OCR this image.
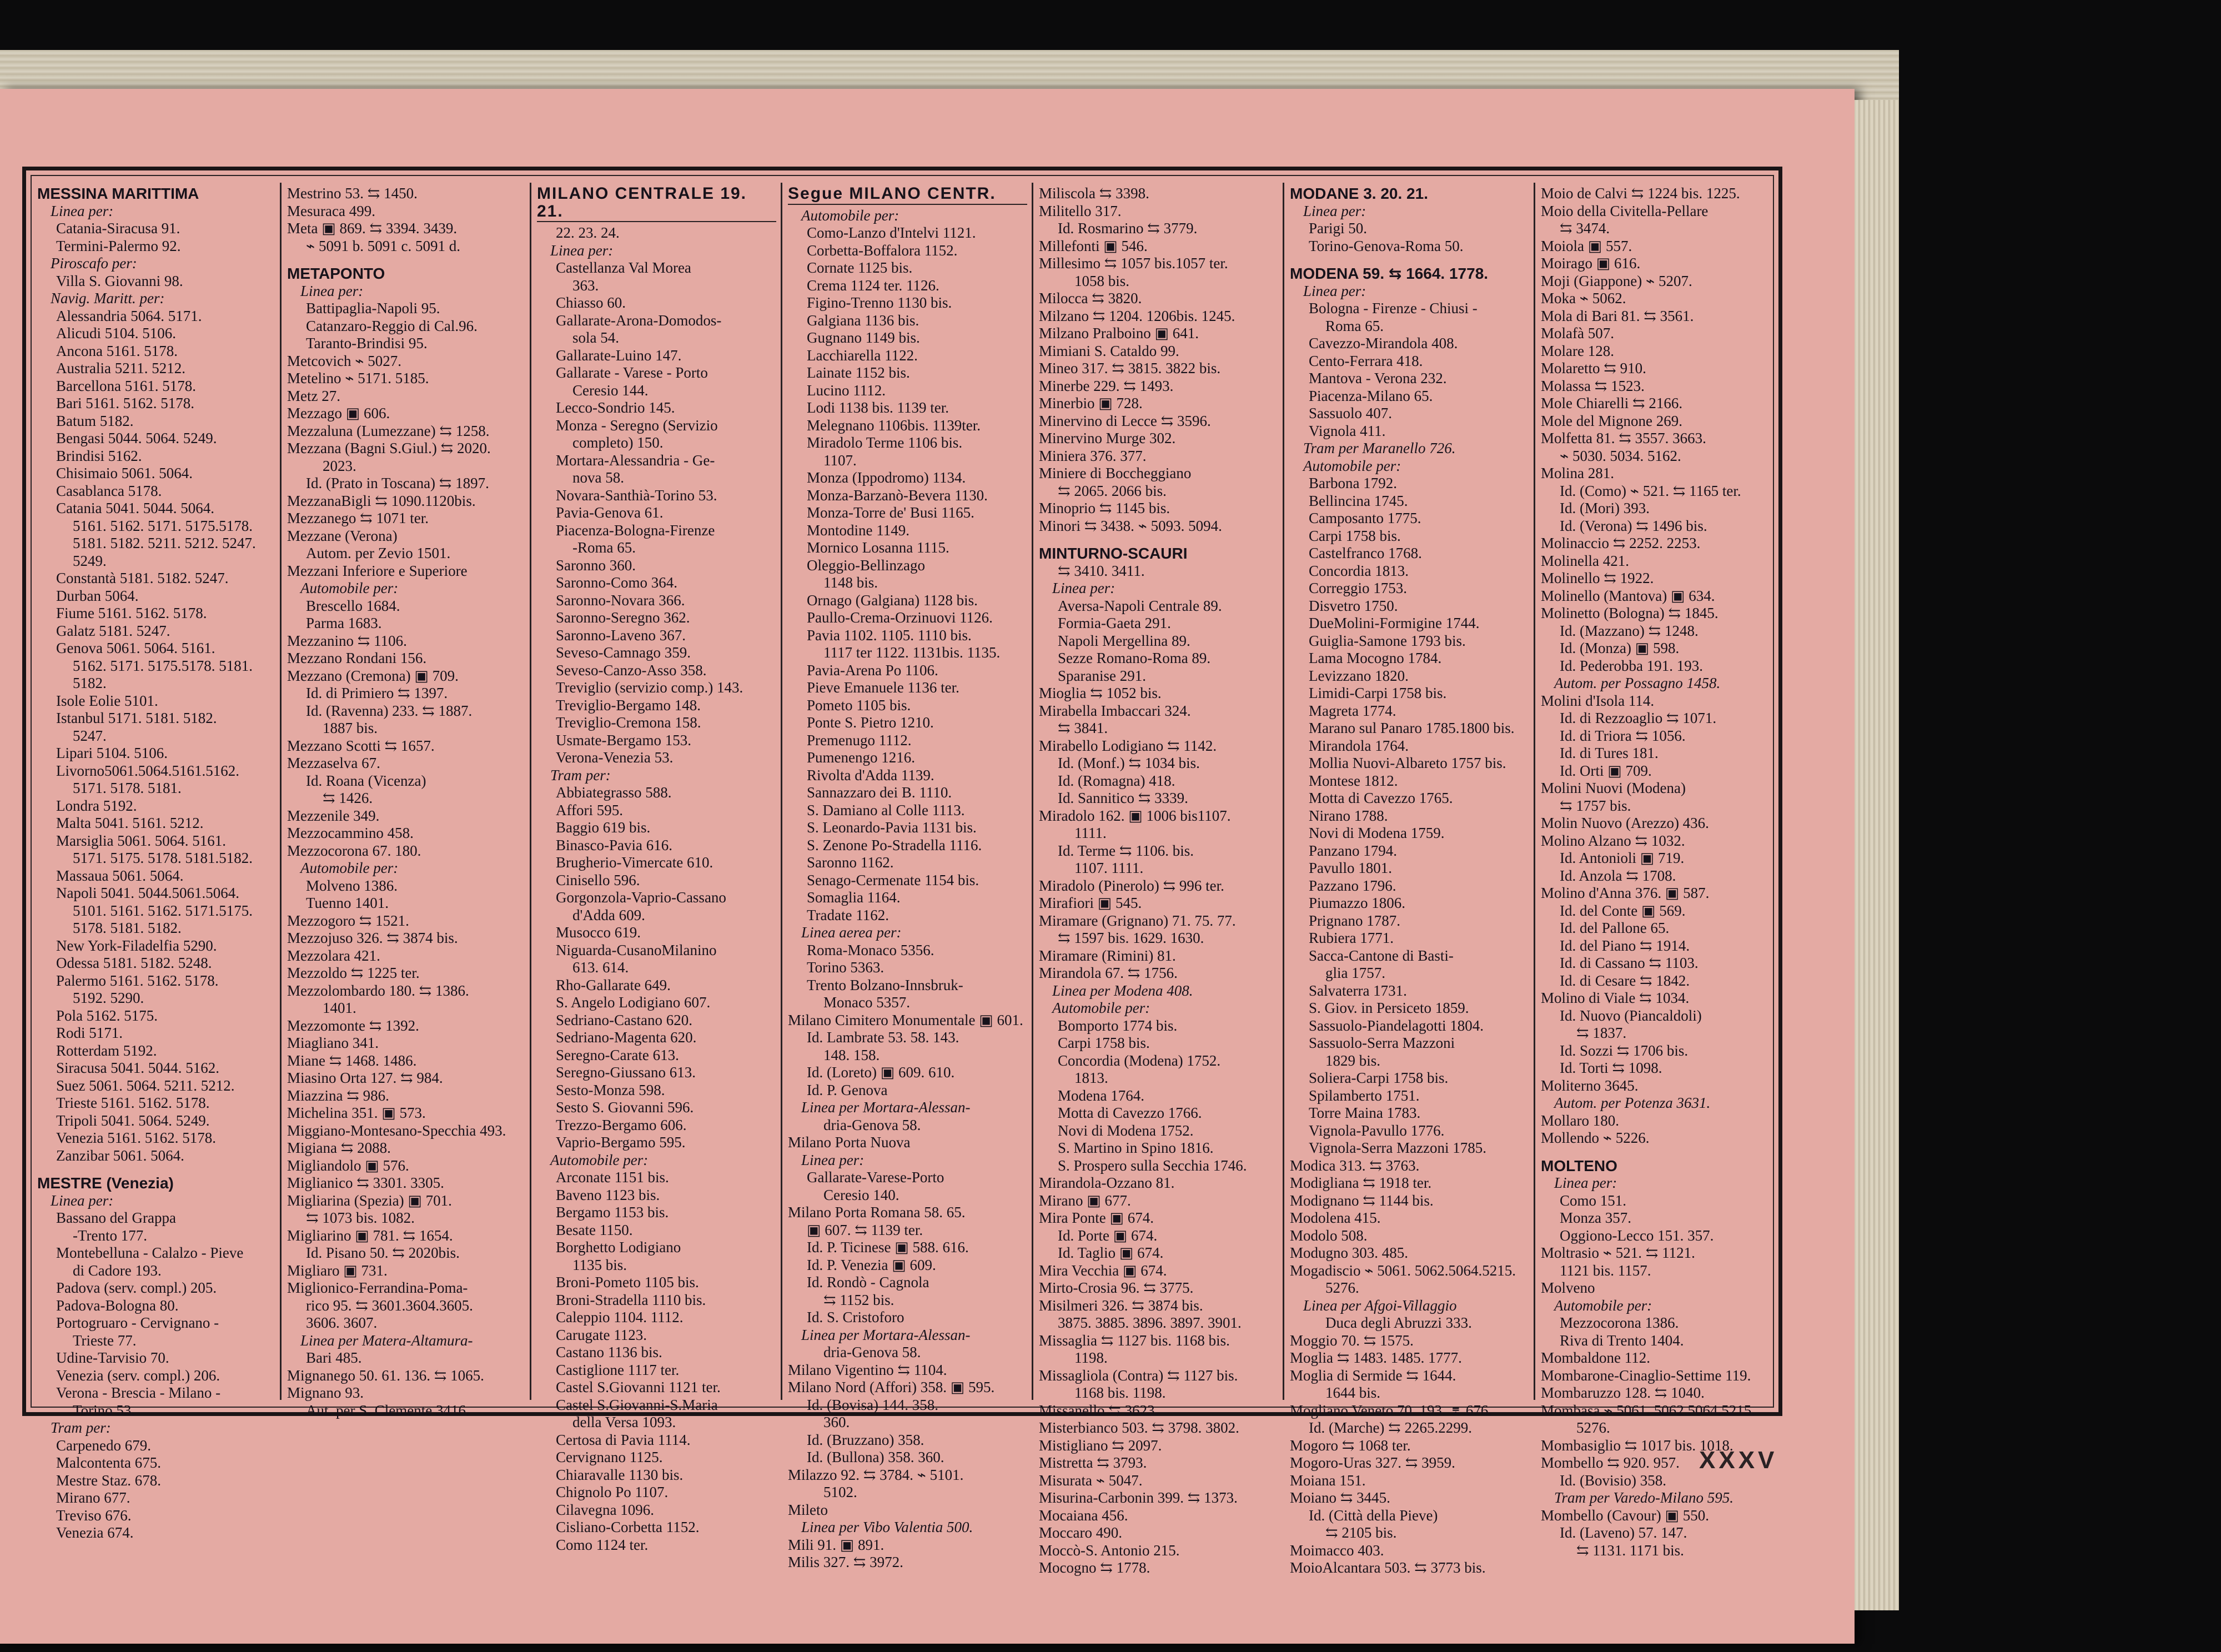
MESSINA MARITTIMA
Linea per:
Catania-Siracusa 91.
Termini-Palermo 92.
Piroscafo per:
Villa S. Giovanni 98.
Navig. Maritt. per:
Alessandria 5064. 5171.
Alicudi 5104. 5106.
Ancona 5161. 5178.
Australia 5211. 5212.
Barcellona 5161. 5178.
Bari 5161. 5162. 5178.
Batum 5182.
Bengasi 5044. 5064. 5249.
Brindisi 5162.
Chisimaio 5061. 5064.
Casablanca 5178.
Catania 5041. 5044. 5064.
5161. 5162. 5171. 5175.5178.
5181. 5182. 5211. 5212. 5247.
5249.
Constantà 5181. 5182. 5247.
Durban 5064.
Fiume 5161. 5162. 5178.
Galatz 5181. 5247.
Genova 5061. 5064. 5161.
5162. 5171. 5175.5178. 5181.
5182.
Isole Eolie 5101.
Istanbul 5171. 5181. 5182.
5247.
Lipari 5104. 5106.
Livorno5061.5064.5161.5162.
5171. 5178. 5181.
Londra 5192.
Malta 5041. 5161. 5212.
Marsiglia 5061. 5064. 5161.
5171. 5175. 5178. 5181.5182.
Massaua 5061. 5064.
Napoli 5041. 5044.5061.5064.
5101. 5161. 5162. 5171.5175.
5178. 5181. 5182.
New York-Filadelfia 5290.
Odessa 5181. 5182. 5248.
Palermo 5161. 5162. 5178.
5192. 5290.
Pola 5162. 5175.
Rodi 5171.
Rotterdam 5192.
Siracusa 5041. 5044. 5162.
Suez 5061. 5064. 5211. 5212.
Trieste 5161. 5162. 5178.
Tripoli 5041. 5064. 5249.
Venezia 5161. 5162. 5178.
Zanzibar 5061. 5064.
MESTRE (Venezia)
Linea per:
Bassano del Grappa
-Trento 177.
Montebelluna - Calalzo - Pieve
di Cadore 193.
Padova (serv. compl.) 205.
Padova-Bologna 80.
Portogruaro - Cervignano -
Trieste 77.
Udine-Tarvisio 70.
Venezia (serv. compl.) 206.
Verona - Brescia - Milano -
Torino 53.
Tram per:
Carpenedo 679.
Malcontenta 675.
Mestre Staz. 678.
Mirano 677.
Treviso 676.
Venezia 674.
Mestrino 53. ⇆ 1450.
Mesuraca 499.
Meta ▣ 869. ⇆ 3394. 3439.
⌁ 5091 b. 5091 c. 5091 d.
METAPONTO
Linea per:
Battipaglia-Napoli 95.
Catanzaro-Reggio di Cal.96.
Taranto-Brindisi 95.
Metcovich ⌁ 5027.
Metelino ⌁ 5171. 5185.
Metz 27.
Mezzago ▣ 606.
Mezzaluna (Lumezzane) ⇆ 1258.
Mezzana (Bagni S.Giul.) ⇆ 2020.
2023.
Id. (Prato in Toscana) ⇆ 1897.
MezzanaBigli ⇆ 1090.1120bis.
Mezzanego ⇆ 1071 ter.
Mezzane (Verona)
Autom. per Zevio 1501.
Mezzani Inferiore e Superiore
Automobile per:
Brescello 1684.
Parma 1683.
Mezzanino ⇆ 1106.
Mezzano Rondani 156.
Mezzano (Cremona) ▣ 709.
Id. di Primiero ⇆ 1397.
Id. (Ravenna) 233. ⇆ 1887.
1887 bis.
Mezzano Scotti ⇆ 1657.
Mezzaselva 67.
Id. Roana (Vicenza)
⇆ 1426.
Mezzenile 349.
Mezzocammino 458.
Mezzocorona 67. 180.
Automobile per:
Molveno 1386.
Tuenno 1401.
Mezzogoro ⇆ 1521.
Mezzojuso 326. ⇆ 3874 bis.
Mezzolara 421.
Mezzoldo ⇆ 1225 ter.
Mezzolombardo 180. ⇆ 1386.
1401.
Mezzomonte ⇆ 1392.
Miagliano 341.
Miane ⇆ 1468. 1486.
Miasino Orta 127. ⇆ 984.
Miazzina ⇆ 986.
Michelina 351. ▣ 573.
Miggiano-Montesano-Specchia 493.
Migiana ⇆ 2088.
Migliandolo ▣ 576.
Miglianico ⇆ 3301. 3305.
Migliarina (Spezia) ▣ 701.
⇆ 1073 bis. 1082.
Migliarino ▣ 781. ⇆ 1654.
Id. Pisano 50. ⇆ 2020bis.
Migliaro ▣ 731.
Miglionico-Ferrandina-Poma-
rico 95. ⇆ 3601.3604.3605.
3606. 3607.
Linea per Matera-Altamura-
Bari 485.
Mignanego 50. 61. 136. ⇆ 1065.
Mignano 93.
Aut. per S. Clemente 3416.
MILANO CENTRALE 19. 21.
22. 23. 24.
Linea per:
Castellanza Val Morea
363.
Chiasso 60.
Gallarate-Arona-Domodos-
sola 54.
Gallarate-Luino 147.
Gallarate - Varese - Porto
Ceresio 144.
Lecco-Sondrio 145.
Monza - Seregno (Servizio
completo) 150.
Mortara-Alessandria - Ge-
nova 58.
Novara-Santhià-Torino 53.
Pavia-Genova 61.
Piacenza-Bologna-Firenze
-Roma 65.
Saronno 360.
Saronno-Como 364.
Saronno-Novara 366.
Saronno-Seregno 362.
Saronno-Laveno 367.
Seveso-Camnago 359.
Seveso-Canzo-Asso 358.
Treviglio (servizio comp.) 143.
Treviglio-Bergamo 148.
Treviglio-Cremona 158.
Usmate-Bergamo 153.
Verona-Venezia 53.
Tram per:
Abbiategrasso 588.
Affori 595.
Baggio 619 bis.
Binasco-Pavia 616.
Brugherio-Vimercate 610.
Cinisello 596.
Gorgonzola-Vaprio-Cassano
d'Adda 609.
Musocco 619.
Niguarda-CusanoMilanino
613. 614.
Rho-Gallarate 649.
S. Angelo Lodigiano 607.
Sedriano-Castano 620.
Sedriano-Magenta 620.
Seregno-Carate 613.
Seregno-Giussano 613.
Sesto-Monza 598.
Sesto S. Giovanni 596.
Trezzo-Bergamo 606.
Vaprio-Bergamo 595.
Automobile per:
Arconate 1151 bis.
Baveno 1123 bis.
Bergamo 1153 bis.
Besate 1150.
Borghetto Lodigiano
1135 bis.
Broni-Pometo 1105 bis.
Broni-Stradella 1110 bis.
Caleppio 1104. 1112.
Carugate 1123.
Castano 1136 bis.
Castiglione 1117 ter.
Castel S.Giovanni 1121 ter.
Castel S.Giovanni-S.Maria
della Versa 1093.
Certosa di Pavia 1114.
Cervignano 1125.
Chiaravalle 1130 bis.
Chignolo Po 1107.
Cilavegna 1096.
Cisliano-Corbetta 1152.
Como 1124 ter.
Segue MILANO CENTR.
Automobile per:
Como-Lanzo d'Intelvi 1121.
Corbetta-Boffalora 1152.
Cornate 1125 bis.
Crema 1124 ter. 1126.
Figino-Trenno 1130 bis.
Galgiana 1136 bis.
Gugnano 1149 bis.
Lacchiarella 1122.
Lainate 1152 bis.
Lucino 1112.
Lodi 1138 bis. 1139 ter.
Melegnano 1106bis. 1139ter.
Miradolo Terme 1106 bis.
1107.
Monza (Ippodromo) 1134.
Monza-Barzanò-Bevera 1130.
Monza-Torre de' Busi 1165.
Montodine 1149.
Mornico Losanna 1115.
Oleggio-Bellinzago
1148 bis.
Ornago (Galgiana) 1128 bis.
Paullo-Crema-Orzinuovi 1126.
Pavia 1102. 1105. 1110 bis.
1117 ter 1122. 1131bis. 1135.
Pavia-Arena Po 1106.
Pieve Emanuele 1136 ter.
Pometo 1105 bis.
Ponte S. Pietro 1210.
Premenugo 1112.
Pumenengo 1216.
Rivolta d'Adda 1139.
Sannazzaro dei B. 1110.
S. Damiano al Colle 1113.
S. Leonardo-Pavia 1131 bis.
S. Zenone Po-Stradella 1116.
Saronno 1162.
Senago-Cermenate 1154 bis.
Somaglia 1164.
Tradate 1162.
Linea aerea per:
Roma-Monaco 5356.
Torino 5363.
Trento Bolzano-Innsbruk-
Monaco 5357.
Milano Cimitero Monumentale ▣ 601.
Id. Lambrate 53. 58. 143.
148. 158.
Id. (Loreto) ▣ 609. 610.
Id. P. Genova
Linea per Mortara-Alessan-
dria-Genova 58.
Milano Porta Nuova
Linea per:
Gallarate-Varese-Porto
Ceresio 140.
Milano Porta Romana 58. 65.
▣ 607. ⇆ 1139 ter.
Id. P. Ticinese ▣ 588. 616.
Id. P. Venezia ▣ 609.
Id. Rondò - Cagnola
⇆ 1152 bis.
Id. S. Cristoforo
Linea per Mortara-Alessan-
dria-Genova 58.
Milano Vigentino ⇆ 1104.
Milano Nord (Affori) 358. ▣ 595.
Id. (Bovisa) 144. 358.
360.
Id. (Bruzzano) 358.
Id. (Bullona) 358. 360.
Milazzo 92. ⇆ 3784. ⌁ 5101.
5102.
Mileto
Linea per Vibo Valentia 500.
Mili 91. ▣ 891.
Milis 327. ⇆ 3972.
Miliscola ⇆ 3398.
Militello 317.
Id. Rosmarino ⇆ 3779.
Millefonti ▣ 546.
Millesimo ⇆ 1057 bis.1057 ter.
1058 bis.
Milocca ⇆ 3820.
Milzano ⇆ 1204. 1206bis. 1245.
Milzano Pralboino ▣ 641.
Mimiani S. Cataldo 99.
Mineo 317. ⇆ 3815. 3822 bis.
Minerbe 229. ⇆ 1493.
Minerbio ▣ 728.
Minervino di Lecce ⇆ 3596.
Minervino Murge 302.
Miniera 376. 377.
Miniere di Boccheggiano
⇆ 2065. 2066 bis.
Minoprio ⇆ 1145 bis.
Minori ⇆ 3438. ⌁ 5093. 5094.
MINTURNO-SCAURI
⇆ 3410. 3411.
Linea per:
Aversa-Napoli Centrale 89.
Formia-Gaeta 291.
Napoli Mergellina 89.
Sezze Romano-Roma 89.
Sparanise 291.
Mioglia ⇆ 1052 bis.
Mirabella Imbaccari 324.
⇆ 3841.
Mirabello Lodigiano ⇆ 1142.
Id. (Monf.) ⇆ 1034 bis.
Id. (Romagna) 418.
Id. Sannitico ⇆ 3339.
Miradolo 162. ▣ 1006 bis1107.
1111.
Id. Terme ⇆ 1106. bis.
1107. 1111.
Miradolo (Pinerolo) ⇆ 996 ter.
Mirafiori ▣ 545.
Miramare (Grignano) 71. 75. 77.
⇆ 1597 bis. 1629. 1630.
Miramare (Rimini) 81.
Mirandola 67. ⇆ 1756.
Linea per Modena 408.
Automobile per:
Bomporto 1774 bis.
Carpi 1758 bis.
Concordia (Modena) 1752.
1813.
Modena 1764.
Motta di Cavezzo 1766.
Novi di Modena 1752.
S. Martino in Spino 1816.
S. Prospero sulla Secchia 1746.
Mirandola-Ozzano 81.
Mirano ▣ 677.
Mira Ponte ▣ 674.
Id. Porte ▣ 674.
Id. Taglio ▣ 674.
Mira Vecchia ▣ 674.
Mirto-Crosia 96. ⇆ 3775.
Misilmeri 326. ⇆ 3874 bis.
3875. 3885. 3896. 3897. 3901.
Missaglia ⇆ 1127 bis. 1168 bis.
1198.
Missagliola (Contra) ⇆ 1127 bis.
1168 bis. 1198.
Missanello ⇆ 3623.
Misterbianco 503. ⇆ 3798. 3802.
Mistigliano ⇆ 2097.
Mistretta ⇆ 3793.
Misurata ⌁ 5047.
Misurina-Carbonin 399. ⇆ 1373.
Mocaiana 456.
Moccaro 490.
Moccò-S. Antonio 215.
Mocogno ⇆ 1778.
MODANE 3. 20. 21.
Linea per:
Parigi 50.
Torino-Genova-Roma 50.
MODENA 59. ⇆ 1664. 1778.
Linea per:
Bologna - Firenze - Chiusi -
Roma 65.
Cavezzo-Mirandola 408.
Cento-Ferrara 418.
Mantova - Verona 232.
Piacenza-Milano 65.
Sassuolo 407.
Vignola 411.
Tram per Maranello 726.
Automobile per:
Barbona 1792.
Bellincina 1745.
Camposanto 1775.
Carpi 1758 bis.
Castelfranco 1768.
Concordia 1813.
Correggio 1753.
Disvetro 1750.
DueMolini-Formigine 1744.
Guiglia-Samone 1793 bis.
Lama Mocogno 1784.
Levizzano 1820.
Limidi-Carpi 1758 bis.
Magreta 1774.
Marano sul Panaro 1785.1800 bis.
Mirandola 1764.
Mollia Nuovi-Albareto 1757 bis.
Montese 1812.
Motta di Cavezzo 1765.
Nirano 1788.
Novi di Modena 1759.
Panzano 1794.
Pavullo 1801.
Pazzano 1796.
Piumazzo 1806.
Prignano 1787.
Rubiera 1771.
Sacca-Cantone di Basti-
glia 1757.
Salvaterra 1731.
S. Giov. in Persiceto 1859.
Sassuolo-Piandelagotti 1804.
Sassuolo-Serra Mazzoni
1829 bis.
Soliera-Carpi 1758 bis.
Spilamberto 1751.
Torre Maina 1783.
Vignola-Pavullo 1776.
Vignola-Serra Mazzoni 1785.
Modica 313. ⇆ 3763.
Modigliana ⇆ 1918 ter.
Modignano ⇆ 1144 bis.
Modolena 415.
Modolo 508.
Modugno 303. 485.
Mogadiscio ⌁ 5061. 5062.5064.5215.
5276.
Linea per Afgoi-Villaggio
Duca degli Abruzzi 333.
Moggio 70. ⇆ 1575.
Moglia ⇆ 1483. 1485. 1777.
Moglia di Sermide ⇆ 1644.
1644 bis.
Mogliano Veneto 70. 193. ⌆ 676.
Id. (Marche) ⇆ 2265.2299.
Mogoro ⇆ 1068 ter.
Mogoro-Uras 327. ⇆ 3959.
Moiana 151.
Moiano ⇆ 3445.
Id. (Città della Pieve)
⇆ 2105 bis.
Moimacco 403.
MoioAlcantara 503. ⇆ 3773 bis.
Moio de Calvi ⇆ 1224 bis. 1225.
Moio della Civitella-Pellare
⇆ 3474.
Moiola ▣ 557.
Moirago ▣ 616.
Moji (Giappone) ⌁ 5207.
Moka ⌁ 5062.
Mola di Bari 81. ⇆ 3561.
Molafà 507.
Molare 128.
Molaretto ⇆ 910.
Molassa ⇆ 1523.
Mole Chiarelli ⇆ 2166.
Mole del Mignone 269.
Molfetta 81. ⇆ 3557. 3663.
⌁ 5030. 5034. 5162.
Molina 281.
Id. (Como) ⌁ 521. ⇆ 1165 ter.
Id. (Mori) 393.
Id. (Verona) ⇆ 1496 bis.
Molinaccio ⇆ 2252. 2253.
Molinella 421.
Molinello ⇆ 1922.
Molinello (Mantova) ▣ 634.
Molinetto (Bologna) ⇆ 1845.
Id. (Mazzano) ⇆ 1248.
Id. (Monza) ▣ 598.
Id. Pederobba 191. 193.
Autom. per Possagno 1458.
Molini d'Isola 114.
Id. di Rezzoaglio ⇆ 1071.
Id. di Triora ⇆ 1056.
Id. di Tures 181.
Id. Orti ▣ 709.
Molini Nuovi (Modena)
⇆ 1757 bis.
Molin Nuovo (Arezzo) 436.
Molino Alzano ⇆ 1032.
Id. Antonioli ▣ 719.
Id. Anzola ⇆ 1708.
Molino d'Anna 376. ▣ 587.
Id. del Conte ▣ 569.
Id. del Pallone 65.
Id. del Piano ⇆ 1914.
Id. di Cassano ⇆ 1103.
Id. di Cesare ⇆ 1842.
Molino di Viale ⇆ 1034.
Id. Nuovo (Piancaldoli)
⇆ 1837.
Id. Sozzi ⇆ 1706 bis.
Id. Torti ⇆ 1098.
Moliterno 3645.
Autom. per Potenza 3631.
Mollaro 180.
Mollendo ⌁ 5226.
MOLTENO
Linea per:
Como 151.
Monza 357.
Oggiono-Lecco 151. 357.
Moltrasio ⌁ 521. ⇆ 1121.
1121 bis. 1157.
Molveno
Automobile per:
Mezzocorona 1386.
Riva di Trento 1404.
Mombaldone 112.
Mombarone-Cinaglio-Settime 119.
Mombaruzzo 128. ⇆ 1040.
Mombasa ⌁ 5061. 5062.5064.5215.
5276.
Mombasiglio ⇆ 1017 bis. 1018.
Mombello ⇆ 920. 957.
Id. (Bovisio) 358.
Tram per Varedo-Milano 595.
Mombello (Cavour) ▣ 550.
Id. (Laveno) 57. 147.
⇆ 1131. 1171 bis.
XXXV
